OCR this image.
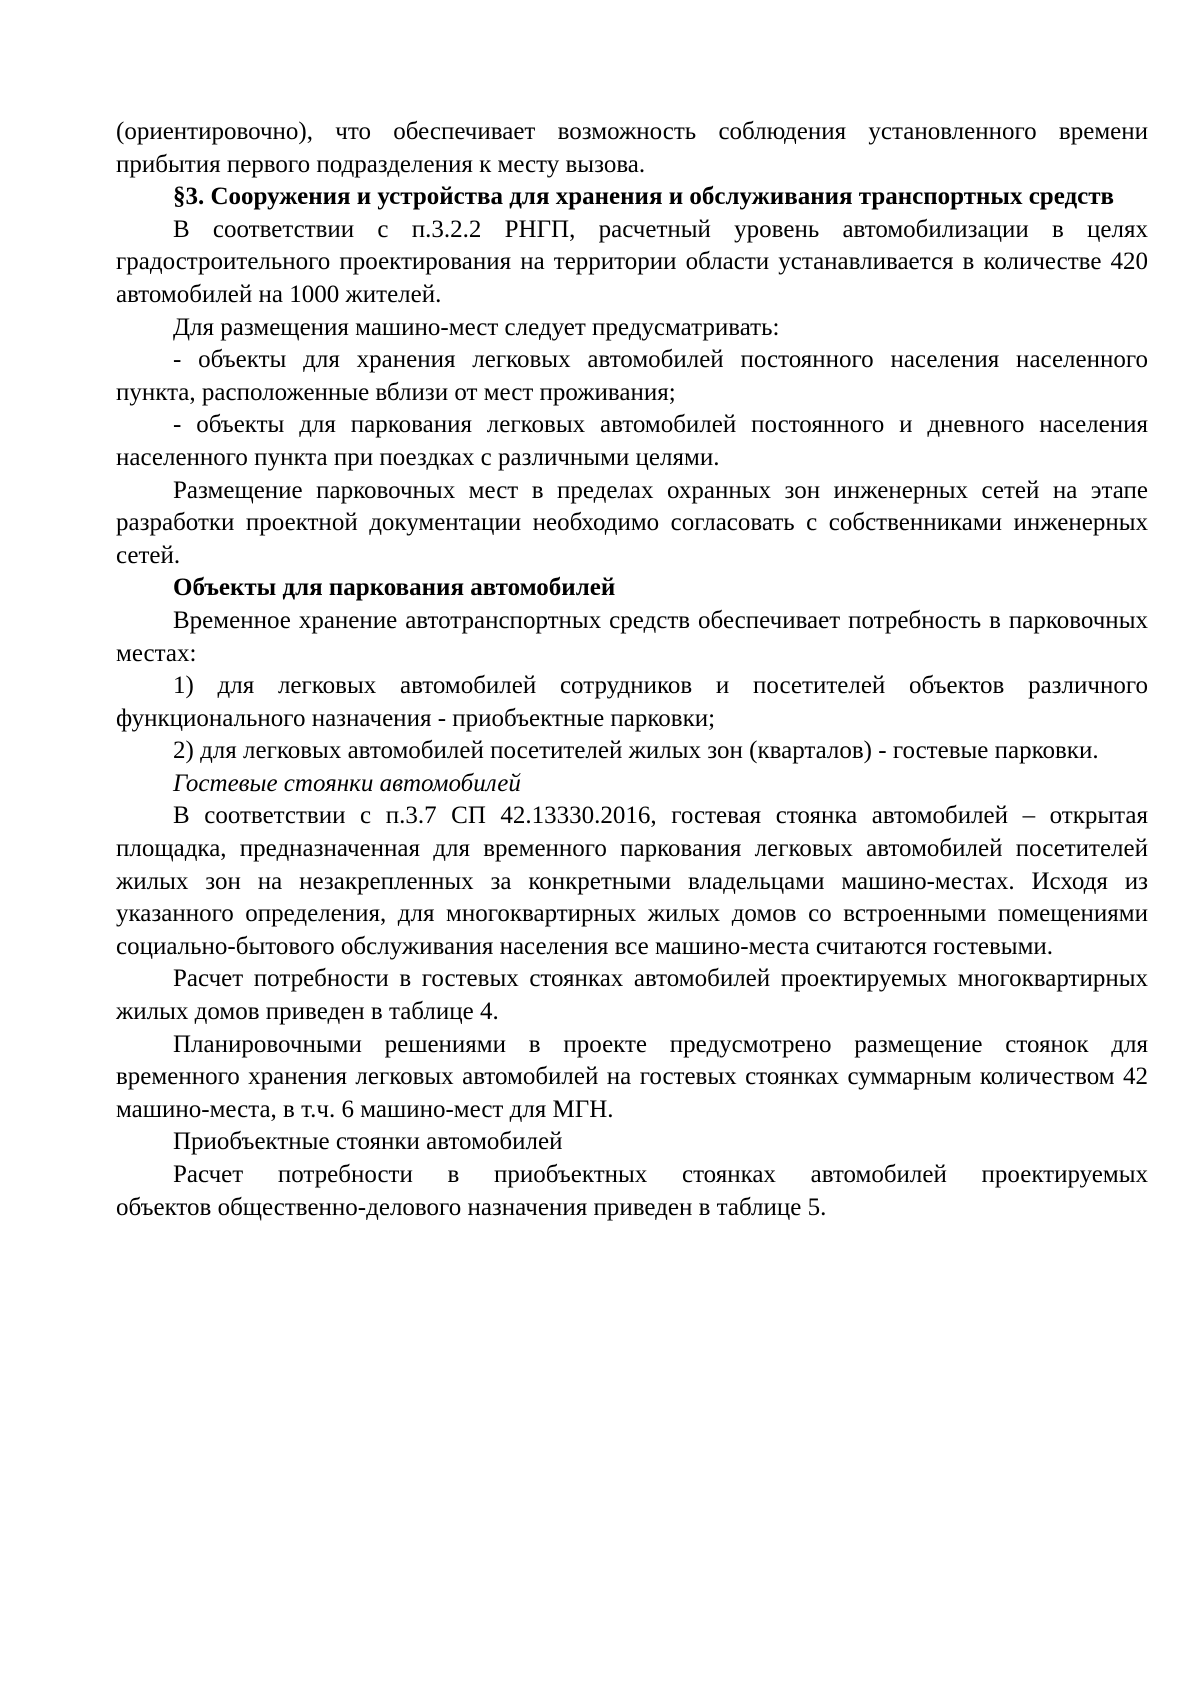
(ориентировочно), что обеспечивает возможность соблюдения установленного времени прибытия первого подразделения к месту вызова.

§3. Сооружения и устройства для хранения и обслуживания транспортных средств

В соответствии с п.3.2.2 РНГП, расчетный уровень автомобилизации в целях градостроительного проектирования на территории области устанавливается в количестве 420 автомобилей на 1000 жителей.

Для размещения машино-мест следует предусматривать:

- объекты для хранения легковых автомобилей постоянного населения населенного пункта, расположенные вблизи от мест проживания;

- объекты для паркования легковых автомобилей постоянного и дневного населения населенного пункта при поездках с различными целями.

Размещение парковочных мест в пределах охранных зон инженерных сетей на этапе разработки проектной документации необходимо согласовать с собственниками инженерных сетей.

Объекты для паркования автомобилей

Временное хранение автотранспортных средств обеспечивает потребность в парковочных местах:

1) для легковых автомобилей сотрудников и посетителей объектов различного функционального назначения - приобъектные парковки;

2) для легковых автомобилей посетителей жилых зон (кварталов) - гостевые парковки.

Гостевые стоянки автомобилей

В соответствии с п.3.7 СП 42.13330.2016, гостевая стоянка автомобилей – открытая площадка, предназначенная для временного паркования легковых автомобилей посетителей жилых зон на незакрепленных за конкретными владельцами машино-местах. Исходя из указанного определения, для многоквартирных жилых домов со встроенными помещениями социально-бытового обслуживания населения все машино-места считаются гостевыми.

Расчет потребности в гостевых стоянках автомобилей проектируемых многоквартирных жилых домов приведен в таблице 4.

Планировочными решениями в проекте предусмотрено размещение стоянок для временного хранения легковых автомобилей на гостевых стоянках суммарным количеством 42 машино-места, в т.ч. 6 машино-мест для МГН.

Приобъектные стоянки автомобилей

Расчет потребности в приобъектных стоянках автомобилей проектируемых

объектов общественно-делового назначения приведен в таблице 5.
